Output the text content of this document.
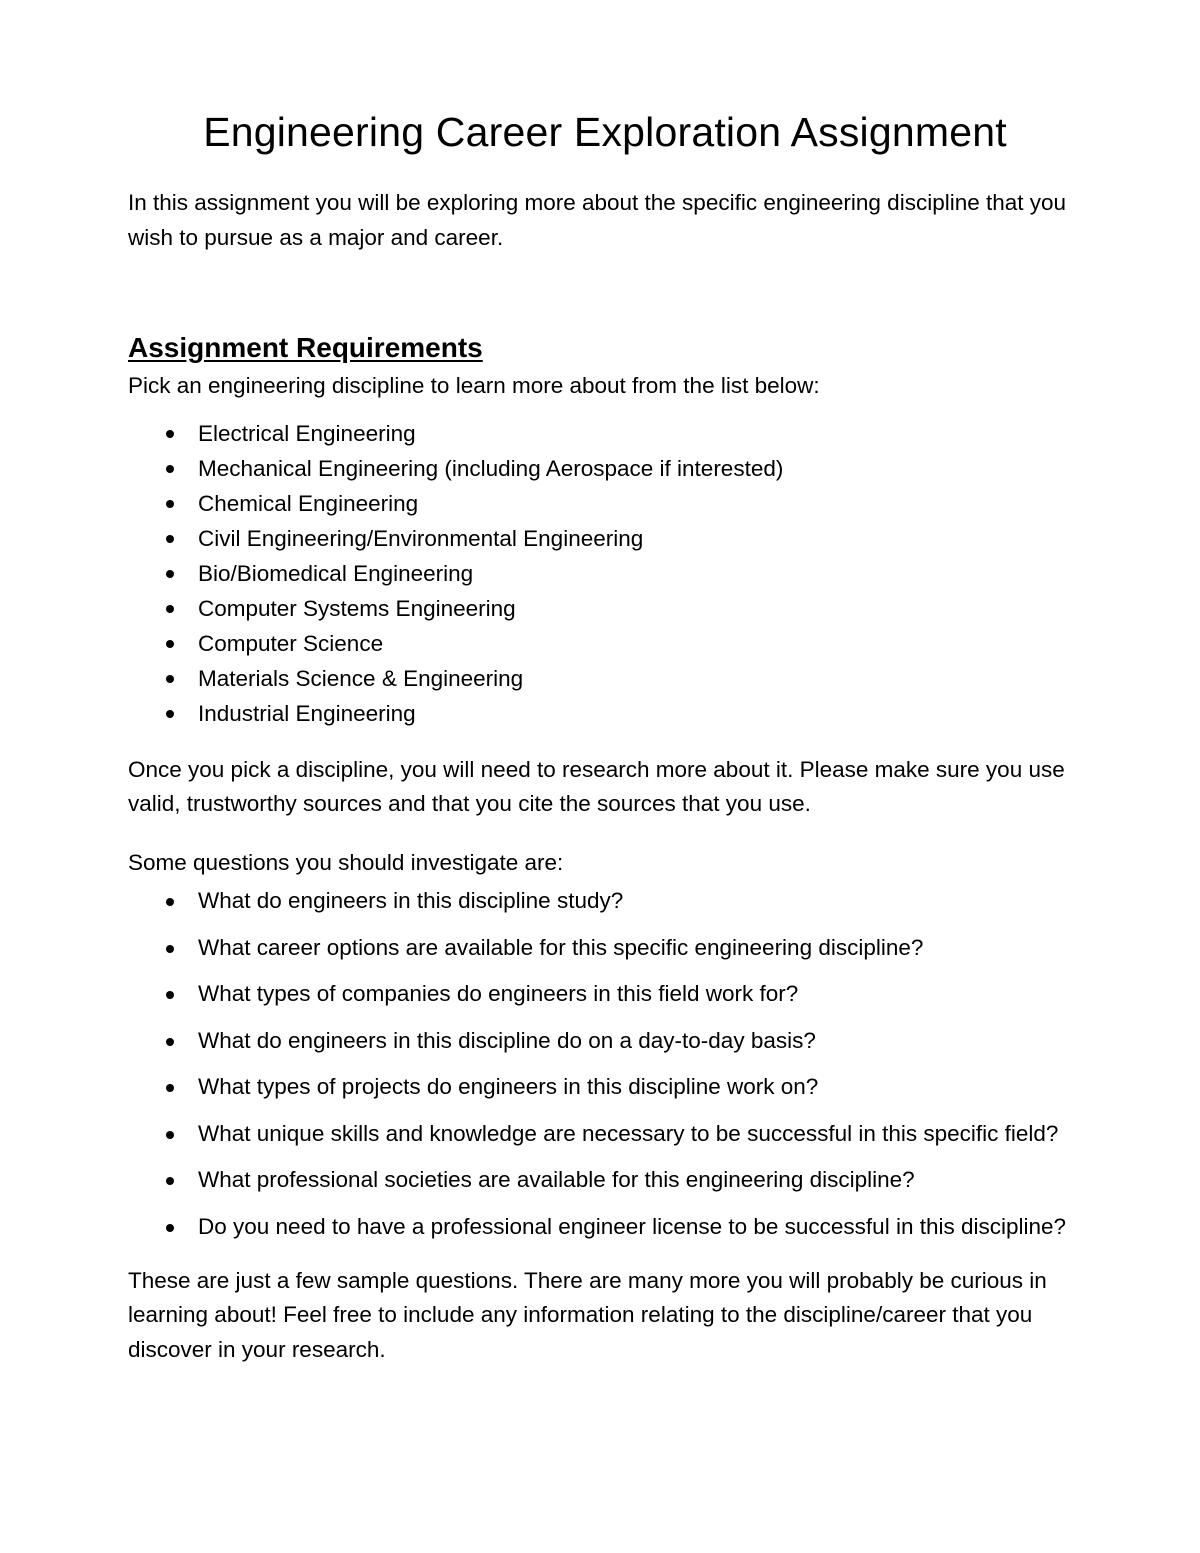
Engineering Career Exploration Assignment

In this assignment you will be exploring more about the specific engineering discipline that you wish to pursue as a major and career.

Assignment Requirements

Pick an engineering discipline to learn more about from the list below:

Electrical Engineering
Mechanical Engineering (including Aerospace if interested)
Chemical Engineering
Civil Engineering/Environmental Engineering
Bio/Biomedical Engineering
Computer Systems Engineering
Computer Science
Materials Science & Engineering
Industrial Engineering

Once you pick a discipline, you will need to research more about it. Please make sure you use valid, trustworthy sources and that you cite the sources that you use.

Some questions you should investigate are:

What do engineers in this discipline study?
What career options are available for this specific engineering discipline?
What types of companies do engineers in this field work for?
What do engineers in this discipline do on a day-to-day basis?
What types of projects do engineers in this discipline work on?
What unique skills and knowledge are necessary to be successful in this specific field?
What professional societies are available for this engineering discipline?
Do you need to have a professional engineer license to be successful in this discipline?

These are just a few sample questions. There are many more you will probably be curious in learning about! Feel free to include any information relating to the discipline/career that you discover in your research.
